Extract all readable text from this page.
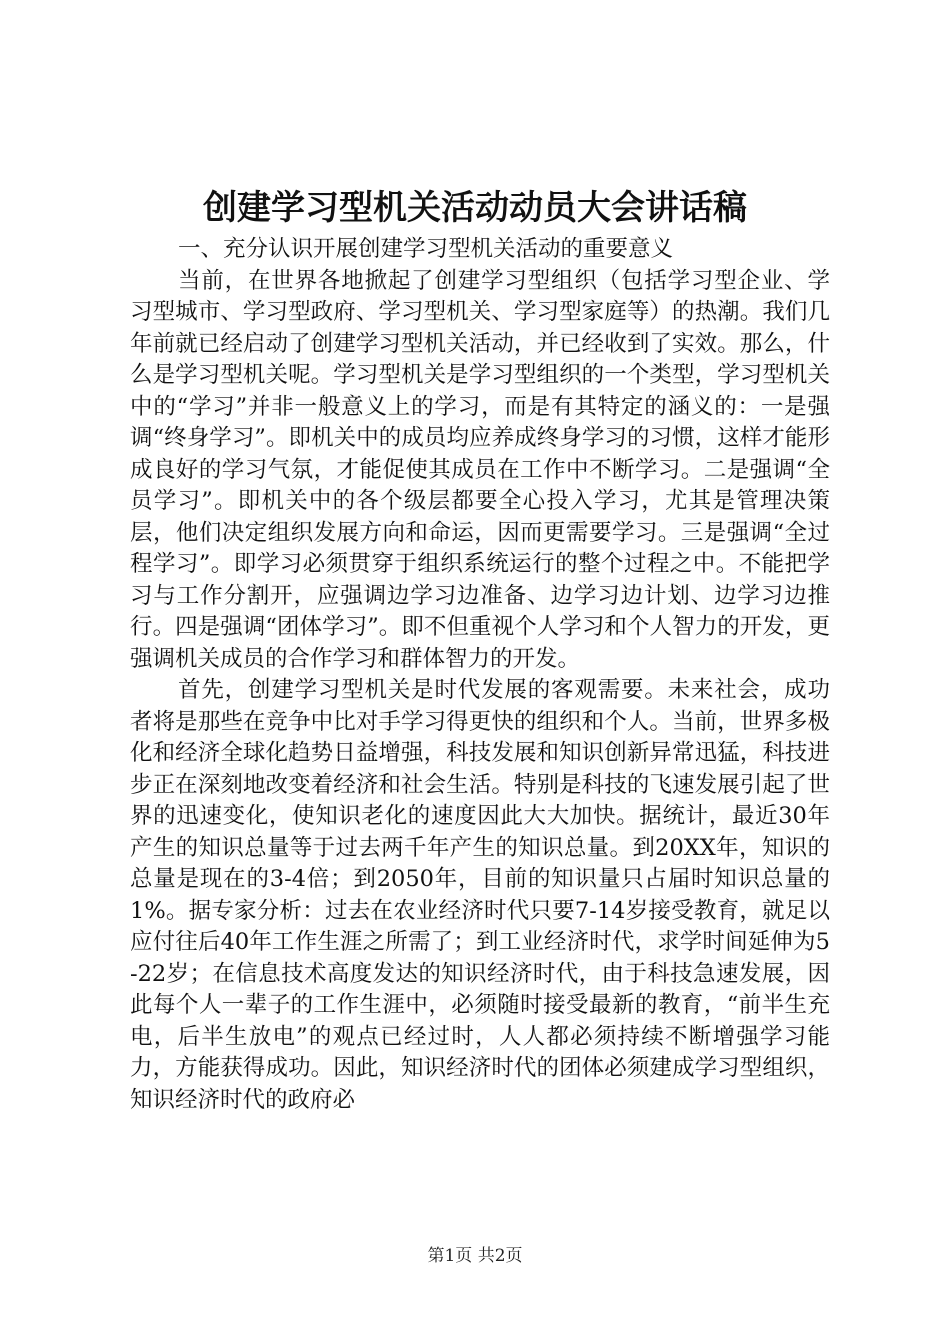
创建学习型机关活动动员大会讲话稿

一、充分认识开展创建学习型机关活动的重要意义

当前，在世界各地掀起了创建学习型组织（包括学习型企业、学习型城市、学习型政府、学习型机关、学习型家庭等）的热潮。我们几年前就已经启动了创建学习型机关活动，并已经收到了实效。那么，什么是学习型机关呢。学习型机关是学习型组织的一个类型，学习型机关中的“学习”并非一般意义上的学习，而是有其特定的涵义的：一是强调“终身学习”。即机关中的成员均应养成终身学习的习惯，这样才能形成良好的学习气氛，才能促使其成员在工作中不断学习。二是强调“全员学习”。即机关中的各个级层都要全心投入学习，尤其是管理决策层，他们决定组织发展方向和命运，因而更需要学习。三是强调“全过程学习”。即学习必须贯穿于组织系统运行的整个过程之中。不能把学习与工作分割开，应强调边学习边准备、边学习边计划、边学习边推行。四是强调“团体学习”。即不但重视个人学习和个人智力的开发，更强调机关成员的合作学习和群体智力的开发。

首先，创建学习型机关是时代发展的客观需要。未来社会，成功者将是那些在竞争中比对手学习得更快的组织和个人。当前，世界多极化和经济全球化趋势日益增强，科技发展和知识创新异常迅猛，科技进步正在深刻地改变着经济和社会生活。特别是科技的飞速发展引起了世界的迅速变化，使知识老化的速度因此大大加快。据统计，最近30年产生的知识总量等于过去两千年产生的知识总量。到20XX年，知识的总量是现在的3-4倍；到2050年，目前的知识量只占届时知识总量的1%。据专家分析：过去在农业经济时代只要7-14岁接受教育，就足以应付往后40年工作生涯之所需了；到工业经济时代，求学时间延伸为5-22岁；在信息技术高度发达的知识经济时代，由于科技急速发展，因此每个人一辈子的工作生涯中，必须随时接受最新的教育，“前半生充电，后半生放电”的观点已经过时，人人都必须持续不断增强学习能力，方能获得成功。因此，知识经济时代的团体必须建成学习型组织，知识经济时代的政府必

第1页 共2页
